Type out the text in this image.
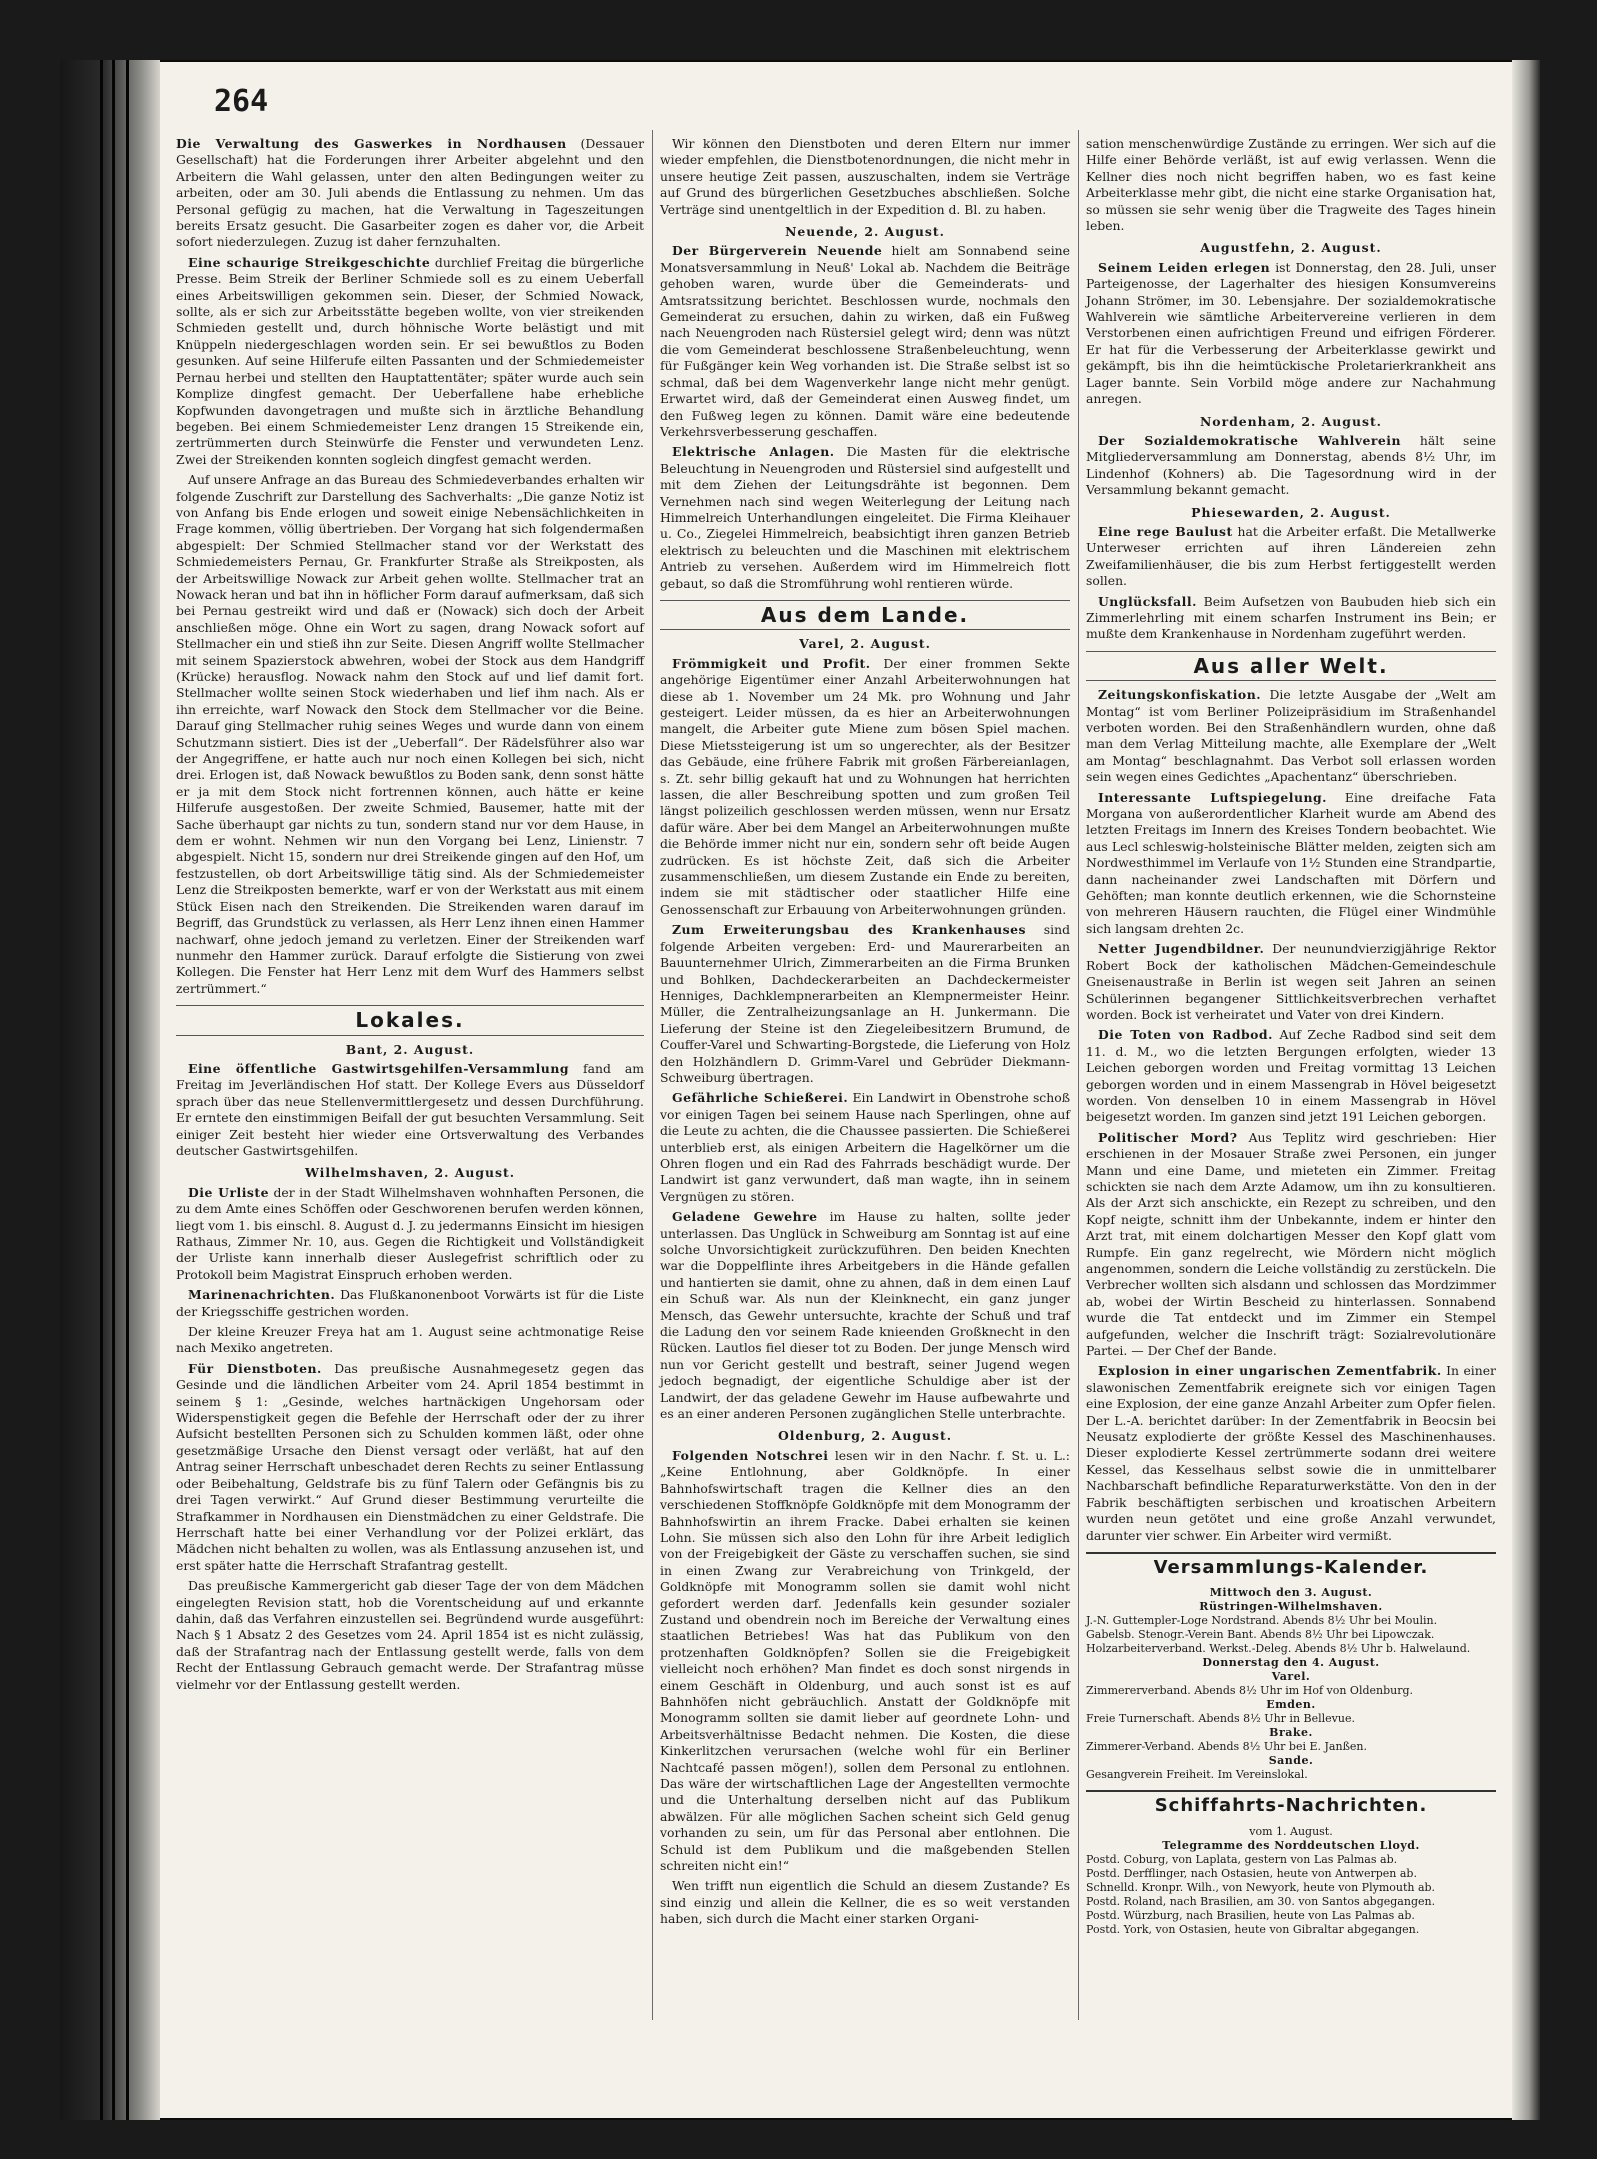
264

Die Verwaltung des Gaswerkes in Nordhausen (Dessauer Gesellschaft) hat die Forderungen ihrer Arbeiter abgelehnt und den Arbeitern die Wahl gelassen, unter den alten Bedingungen weiter zu arbeiten, oder am 30. Juli abends die Entlassung zu nehmen. Um das Personal gefügig zu machen, hat die Verwaltung in Tageszeitungen bereits Ersatz gesucht. Die Gasarbeiter zogen es daher vor, die Arbeit sofort niederzulegen. Zuzug ist daher fernzuhalten.

Eine schaurige Streikgeschichte durchlief Freitag die bürgerliche Presse. Beim Streik der Berliner Schmiede soll es zu einem Ueberfall eines Arbeitswilligen gekommen sein. Dieser, der Schmied Nowack, sollte, als er sich zur Arbeitsstätte begeben wollte, von vier streikenden Schmieden gestellt und, durch höhnische Worte belästigt und mit Knüppeln niedergeschlagen worden sein. Er sei bewußtlos zu Boden gesunken. Auf seine Hilferufe eilten Passanten und der Schmiedemeister Pernau herbei und stellten den Hauptattentäter; später wurde auch sein Komplize dingfest gemacht. Der Ueberfallene habe erhebliche Kopfwunden davongetragen und mußte sich in ärztliche Behandlung begeben. Bei einem Schmiedemeister Lenz drangen 15 Streikende ein, zertrümmerten durch Steinwürfe die Fenster und verwundeten Lenz. Zwei der Streikenden konnten sogleich dingfest gemacht werden.

Auf unsere Anfrage an das Bureau des Schmiedeverbandes erhalten wir folgende Zuschrift zur Darstellung des Sachverhalts: „Die ganze Notiz ist von Anfang bis Ende erlogen und soweit einige Nebensächlichkeiten in Frage kommen, völlig übertrieben. Der Vorgang hat sich folgendermaßen abgespielt: Der Schmied Stellmacher stand vor der Werkstatt des Schmiedemeisters Pernau, Gr. Frankfurter Straße als Streikposten, als der Arbeitswillige Nowack zur Arbeit gehen wollte. Stellmacher trat an Nowack heran und bat ihn in höflicher Form darauf aufmerksam, daß sich bei Pernau gestreikt wird und daß er (Nowack) sich doch der Arbeit anschließen möge. Ohne ein Wort zu sagen, drang Nowack sofort auf Stellmacher ein und stieß ihn zur Seite. Diesen Angriff wollte Stellmacher mit seinem Spazierstock abwehren, wobei der Stock aus dem Handgriff (Krücke) herausflog. Nowack nahm den Stock auf und lief damit fort. Stellmacher wollte seinen Stock wiederhaben und lief ihm nach. Als er ihn erreichte, warf Nowack den Stock dem Stellmacher vor die Beine. Darauf ging Stellmacher ruhig seines Weges und wurde dann von einem Schutzmann sistiert. Dies ist der „Ueberfall“. Der Rädelsführer also war der Angegriffene, er hatte auch nur noch einen Kollegen bei sich, nicht drei. Erlogen ist, daß Nowack bewußtlos zu Boden sank, denn sonst hätte er ja mit dem Stock nicht fortrennen können, auch hätte er keine Hilferufe ausgestoßen. Der zweite Schmied, Bausemer, hatte mit der Sache überhaupt gar nichts zu tun, sondern stand nur vor dem Hause, in dem er wohnt. Nehmen wir nun den Vorgang bei Lenz, Linienstr. 7 abgespielt. Nicht 15, sondern nur drei Streikende gingen auf den Hof, um festzustellen, ob dort Arbeitswillige tätig sind. Als der Schmiedemeister Lenz die Streikposten bemerkte, warf er von der Werkstatt aus mit einem Stück Eisen nach den Streikenden. Die Streikenden waren darauf im Begriff, das Grundstück zu verlassen, als Herr Lenz ihnen einen Hammer nachwarf, ohne jedoch jemand zu verletzen. Einer der Streikenden warf nunmehr den Hammer zurück. Darauf erfolgte die Sistierung von zwei Kollegen. Die Fenster hat Herr Lenz mit dem Wurf des Hammers selbst zertrümmert.“

Lokales.
Bant, 2. August.

Eine öffentliche Gastwirtsgehilfen-Versammlung fand am Freitag im Jeverländischen Hof statt. Der Kollege Evers aus Düsseldorf sprach über das neue Stellenvermittlergesetz und dessen Durchführung. Er erntete den einstimmigen Beifall der gut besuchten Versammlung. Seit einiger Zeit besteht hier wieder eine Ortsverwaltung des Verbandes deutscher Gastwirtsgehilfen.

Wilhelmshaven, 2. August.

Die Urliste der in der Stadt Wilhelmshaven wohnhaften Personen, die zu dem Amte eines Schöffen oder Geschworenen berufen werden können, liegt vom 1. bis einschl. 8. August d. J. zu jedermanns Einsicht im hiesigen Rathaus, Zimmer Nr. 10, aus. Gegen die Richtigkeit und Vollständigkeit der Urliste kann innerhalb dieser Auslegefrist schriftlich oder zu Protokoll beim Magistrat Einspruch erhoben werden.

Marinenachrichten. Das Flußkanonenboot Vorwärts ist für die Liste der Kriegsschiffe gestrichen worden.

Der kleine Kreuzer Freya hat am 1. August seine achtmonatige Reise nach Mexiko angetreten.

Für Dienstboten. Das preußische Ausnahmegesetz gegen das Gesinde und die ländlichen Arbeiter vom 24. April 1854 bestimmt in seinem § 1: „Gesinde, welches hartnäckigen Ungehorsam oder Widerspenstigkeit gegen die Befehle der Herrschaft oder der zu ihrer Aufsicht bestellten Personen sich zu Schulden kommen läßt, oder ohne gesetzmäßige Ursache den Dienst versagt oder verläßt, hat auf den Antrag seiner Herrschaft unbeschadet deren Rechts zu seiner Entlassung oder Beibehaltung, Geldstrafe bis zu fünf Talern oder Gefängnis bis zu drei Tagen verwirkt.“ Auf Grund dieser Bestimmung verurteilte die Strafkammer in Nordhausen ein Dienstmädchen zu einer Geldstrafe. Die Herrschaft hatte bei einer Verhandlung vor der Polizei erklärt, das Mädchen nicht behalten zu wollen, was als Entlassung anzusehen ist, und erst später hatte die Herrschaft Strafantrag gestellt.

Das preußische Kammergericht gab dieser Tage der von dem Mädchen eingelegten Revision statt, hob die Vorentscheidung auf und erkannte dahin, daß das Verfahren einzustellen sei. Begründend wurde ausgeführt: Nach § 1 Absatz 2 des Gesetzes vom 24. April 1854 ist es nicht zulässig, daß der Strafantrag nach der Entlassung gestellt werde, falls von dem Recht der Entlassung Gebrauch gemacht werde. Der Strafantrag müsse vielmehr vor der Entlassung gestellt werden.

Wir können den Dienstboten und deren Eltern nur immer wieder empfehlen, die Dienstbotenordnungen, die nicht mehr in unsere heutige Zeit passen, auszuschalten, indem sie Verträge auf Grund des bürgerlichen Gesetzbuches abschließen. Solche Verträge sind unentgeltlich in der Expedition d. Bl. zu haben.

Neuende, 2. August.

Der Bürgerverein Neuende hielt am Sonnabend seine Monatsversammlung in Neuß' Lokal ab. Nachdem die Beiträge gehoben waren, wurde über die Gemeinderats- und Amtsratssitzung berichtet. Beschlossen wurde, nochmals den Gemeinderat zu ersuchen, dahin zu wirken, daß ein Fußweg nach Neuengroden nach Rüstersiel gelegt wird; denn was nützt die vom Gemeinderat beschlossene Straßenbeleuchtung, wenn für Fußgänger kein Weg vorhanden ist. Die Straße selbst ist so schmal, daß bei dem Wagenverkehr lange nicht mehr genügt. Erwartet wird, daß der Gemeinderat einen Ausweg findet, um den Fußweg legen zu können. Damit wäre eine bedeutende Verkehrsverbesserung geschaffen.

Elektrische Anlagen. Die Masten für die elektrische Beleuchtung in Neuengroden und Rüstersiel sind aufgestellt und mit dem Ziehen der Leitungsdrähte ist begonnen. Dem Vernehmen nach sind wegen Weiterlegung der Leitung nach Himmelreich Unterhandlungen eingeleitet. Die Firma Kleihauer u. Co., Ziegelei Himmelreich, beabsichtigt ihren ganzen Betrieb elektrisch zu beleuchten und die Maschinen mit elektrischem Antrieb zu versehen. Außerdem wird im Himmelreich flott gebaut, so daß die Stromführung wohl rentieren würde.

Aus dem Lande.
Varel, 2. August.

Frömmigkeit und Profit. Der einer frommen Sekte angehörige Eigentümer einer Anzahl Arbeiterwohnungen hat diese ab 1. November um 24 Mk. pro Wohnung und Jahr gesteigert. Leider müssen, da es hier an Arbeiterwohnungen mangelt, die Arbeiter gute Miene zum bösen Spiel machen. Diese Mietssteigerung ist um so ungerechter, als der Besitzer das Gebäude, eine frühere Fabrik mit großen Färbereianlagen, s. Zt. sehr billig gekauft hat und zu Wohnungen hat herrichten lassen, die aller Beschreibung spotten und zum großen Teil längst polizeilich geschlossen werden müssen, wenn nur Ersatz dafür wäre. Aber bei dem Mangel an Arbeiterwohnungen mußte die Behörde immer nicht nur ein, sondern sehr oft beide Augen zudrücken. Es ist höchste Zeit, daß sich die Arbeiter zusammenschließen, um diesem Zustande ein Ende zu bereiten, indem sie mit städtischer oder staatlicher Hilfe eine Genossenschaft zur Erbauung von Arbeiterwohnungen gründen.

Zum Erweiterungsbau des Krankenhauses sind folgende Arbeiten vergeben: Erd- und Maurerarbeiten an Bauunternehmer Ulrich, Zimmerarbeiten an die Firma Brunken und Bohlken, Dachdeckerarbeiten an Dachdeckermeister Henniges, Dachklempnerarbeiten an Klempnermeister Heinr. Müller, die Zentralheizungsanlage an H. Junkermann. Die Lieferung der Steine ist den Ziegeleibesitzern Brumund, de Couffer-Varel und Schwarting-Borgstede, die Lieferung von Holz den Holzhändlern D. Grimm-Varel und Gebrüder Diekmann-Schweiburg übertragen.

Gefährliche Schießerei. Ein Landwirt in Obenstrohe schoß vor einigen Tagen bei seinem Hause nach Sperlingen, ohne auf die Leute zu achten, die die Chaussee passierten. Die Schießerei unterblieb erst, als einigen Arbeitern die Hagelkörner um die Ohren flogen und ein Rad des Fahrrads beschädigt wurde. Der Landwirt ist ganz verwundert, daß man wagte, ihn in seinem Vergnügen zu stören.

Geladene Gewehre im Hause zu halten, sollte jeder unterlassen. Das Unglück in Schweiburg am Sonntag ist auf eine solche Unvorsichtigkeit zurückzuführen. Den beiden Knechten war die Doppelflinte ihres Arbeitgebers in die Hände gefallen und hantierten sie damit, ohne zu ahnen, daß in dem einen Lauf ein Schuß war. Als nun der Kleinknecht, ein ganz junger Mensch, das Gewehr untersuchte, krachte der Schuß und traf die Ladung den vor seinem Rade knieenden Großknecht in den Rücken. Lautlos fiel dieser tot zu Boden. Der junge Mensch wird nun vor Gericht gestellt und bestraft, seiner Jugend wegen jedoch begnadigt, der eigentliche Schuldige aber ist der Landwirt, der das geladene Gewehr im Hause aufbewahrte und es an einer anderen Personen zugänglichen Stelle unterbrachte.

Oldenburg, 2. August.

Folgenden Notschrei lesen wir in den Nachr. f. St. u. L.: „Keine Entlohnung, aber Goldknöpfe. In einer Bahnhofswirtschaft tragen die Kellner dies an den verschiedenen Stoffknöpfe Goldknöpfe mit dem Monogramm der Bahnhofswirtin an ihrem Fracke. Dabei erhalten sie keinen Lohn. Sie müssen sich also den Lohn für ihre Arbeit lediglich von der Freigebigkeit der Gäste zu verschaffen suchen, sie sind in einen Zwang zur Verabreichung von Trinkgeld, der Goldknöpfe mit Monogramm sollen sie damit wohl nicht gefordert werden darf. Jedenfalls kein gesunder sozialer Zustand und obendrein noch im Bereiche der Verwaltung eines staatlichen Betriebes! Was hat das Publikum von den protzenhaften Goldknöpfen? Sollen sie die Freigebigkeit vielleicht noch erhöhen? Man findet es doch sonst nirgends in einem Geschäft in Oldenburg, und auch sonst ist es auf Bahnhöfen nicht gebräuchlich. Anstatt der Goldknöpfe mit Monogramm sollten sie damit lieber auf geordnete Lohn- und Arbeitsverhältnisse Bedacht nehmen. Die Kosten, die diese Kinkerlitzchen verursachen (welche wohl für ein Berliner Nachtcafé passen mögen!), sollen dem Personal zu entlohnen. Das wäre der wirtschaftlichen Lage der Angestellten vermochte und die Unterhaltung derselben nicht auf das Publikum abwälzen. Für alle möglichen Sachen scheint sich Geld genug vorhanden zu sein, um für das Personal aber entlohnen. Die Schuld ist dem Publikum und die maßgebenden Stellen schreiten nicht ein!“

Wen trifft nun eigentlich die Schuld an diesem Zustande? Es sind einzig und allein die Kellner, die es so weit verstanden haben, sich durch die Macht einer starken Organi-

sation menschenwürdige Zustände zu erringen. Wer sich auf die Hilfe einer Behörde verläßt, ist auf ewig verlassen. Wenn die Kellner dies noch nicht begriffen haben, wo es fast keine Arbeiterklasse mehr gibt, die nicht eine starke Organisation hat, so müssen sie sehr wenig über die Tragweite des Tages hinein leben.

Augustfehn, 2. August.

Seinem Leiden erlegen ist Donnerstag, den 28. Juli, unser Parteigenosse, der Lagerhalter des hiesigen Konsumvereins Johann Strömer, im 30. Lebensjahre. Der sozialdemokratische Wahlverein wie sämtliche Arbeitervereine verlieren in dem Verstorbenen einen aufrichtigen Freund und eifrigen Förderer. Er hat für die Verbesserung der Arbeiterklasse gewirkt und gekämpft, bis ihn die heimtückische Proletarierkrankheit ans Lager bannte. Sein Vorbild möge andere zur Nachahmung anregen.

Nordenham, 2. August.

Der Sozialdemokratische Wahlverein hält seine Mitgliederversammlung am Donnerstag, abends 8½ Uhr, im Lindenhof (Kohners) ab. Die Tagesordnung wird in der Versammlung bekannt gemacht.

Phiesewarden, 2. August.

Eine rege Baulust hat die Arbeiter erfaßt. Die Metallwerke Unterweser errichten auf ihren Ländereien zehn Zweifamilienhäuser, die bis zum Herbst fertiggestellt werden sollen.

Unglücksfall. Beim Aufsetzen von Baubuden hieb sich ein Zimmerlehrling mit einem scharfen Instrument ins Bein; er mußte dem Krankenhause in Nordenham zugeführt werden.

Aus aller Welt.

Zeitungskonfiskation. Die letzte Ausgabe der „Welt am Montag“ ist vom Berliner Polizeipräsidium im Straßenhandel verboten worden. Bei den Straßenhändlern wurden, ohne daß man dem Verlag Mitteilung machte, alle Exemplare der „Welt am Montag“ beschlagnahmt. Das Verbot soll erlassen worden sein wegen eines Gedichtes „Apachentanz“ überschrieben.

Interessante Luftspiegelung. Eine dreifache Fata Morgana von außerordentlicher Klarheit wurde am Abend des letzten Freitags im Innern des Kreises Tondern beobachtet. Wie aus Lecl schleswig-holsteinische Blätter melden, zeigten sich am Nordwesthimmel im Verlaufe von 1½ Stunden eine Strandpartie, dann nacheinander zwei Landschaften mit Dörfern und Gehöften; man konnte deutlich erkennen, wie die Schornsteine von mehreren Häusern rauchten, die Flügel einer Windmühle sich langsam drehten 2c.

Netter Jugendbildner. Der neunundvierzigjährige Rektor Robert Bock der katholischen Mädchen-Gemeindeschule Gneisenaustraße in Berlin ist wegen seit Jahren an seinen Schülerinnen begangener Sittlichkeitsverbrechen verhaftet worden. Bock ist verheiratet und Vater von drei Kindern.

Die Toten von Radbod. Auf Zeche Radbod sind seit dem 11. d. M., wo die letzten Bergungen erfolgten, wieder 13 Leichen geborgen worden und Freitag vormittag 13 Leichen geborgen worden und in einem Massengrab in Hövel beigesetzt worden. Von denselben 10 in einem Massengrab in Hövel beigesetzt worden. Im ganzen sind jetzt 191 Leichen geborgen.

Politischer Mord? Aus Teplitz wird geschrieben: Hier erschienen in der Mosauer Straße zwei Personen, ein junger Mann und eine Dame, und mieteten ein Zimmer. Freitag schickten sie nach dem Arzte Adamow, um ihn zu konsultieren. Als der Arzt sich anschickte, ein Rezept zu schreiben, und den Kopf neigte, schnitt ihm der Unbekannte, indem er hinter den Arzt trat, mit einem dolchartigen Messer den Kopf glatt vom Rumpfe. Ein ganz regelrecht, wie Mördern nicht möglich angenommen, sondern die Leiche vollständig zu zerstückeln. Die Verbrecher wollten sich alsdann und schlossen das Mordzimmer ab, wobei der Wirtin Bescheid zu hinterlassen. Sonnabend wurde die Tat entdeckt und im Zimmer ein Stempel aufgefunden, welcher die Inschrift trägt: Sozialrevolutionäre Partei. — Der Chef der Bande.

Explosion in einer ungarischen Zementfabrik. In einer slawonischen Zementfabrik ereignete sich vor einigen Tagen eine Explosion, der eine ganze Anzahl Arbeiter zum Opfer fielen. Der L.-A. berichtet darüber: In der Zementfabrik in Beocsin bei Neusatz explodierte der größte Kessel des Maschinenhauses. Dieser explodierte Kessel zertrümmerte sodann drei weitere Kessel, das Kesselhaus selbst sowie die in unmittelbarer Nachbarschaft befindliche Reparaturwerkstätte. Von den in der Fabrik beschäftigten serbischen und kroatischen Arbeitern wurden neun getötet und eine große Anzahl verwundet, darunter vier schwer. Ein Arbeiter wird vermißt.

Versammlungs-Kalender.
Mittwoch den 3. August.
Rüstringen-Wilhelmshaven.
J.-N. Guttempler-Loge Nordstrand. Abends 8½ Uhr bei Moulin.
Gabelsb. Stenogr.-Verein Bant. Abends 8½ Uhr bei Lipowczak.
Holzarbeiterverband. Werkst.-Deleg. Abends 8½ Uhr b. Halwelaund.
Donnerstag den 4. August.
Varel.
Zimmererverband. Abends 8½ Uhr im Hof von Oldenburg.
Emden.
Freie Turnerschaft. Abends 8½ Uhr in Bellevue.
Brake.
Zimmerer-Verband. Abends 8½ Uhr bei E. Janßen.
Sande.
Gesangverein Freiheit. Im Vereinslokal.
Schiffahrts-Nachrichten.
vom 1. August.
Telegramme des Norddeutschen Lloyd.
Postd. Coburg, von Laplata, gestern von Las Palmas ab.
Postd. Derfflinger, nach Ostasien, heute von Antwerpen ab.
Schnelld. Kronpr. Wilh., von Newyork, heute von Plymouth ab.
Postd. Roland, nach Brasilien, am 30. von Santos abgegangen.
Postd. Würzburg, nach Brasilien, heute von Las Palmas ab.
Postd. York, von Ostasien, heute von Gibraltar abgegangen.
